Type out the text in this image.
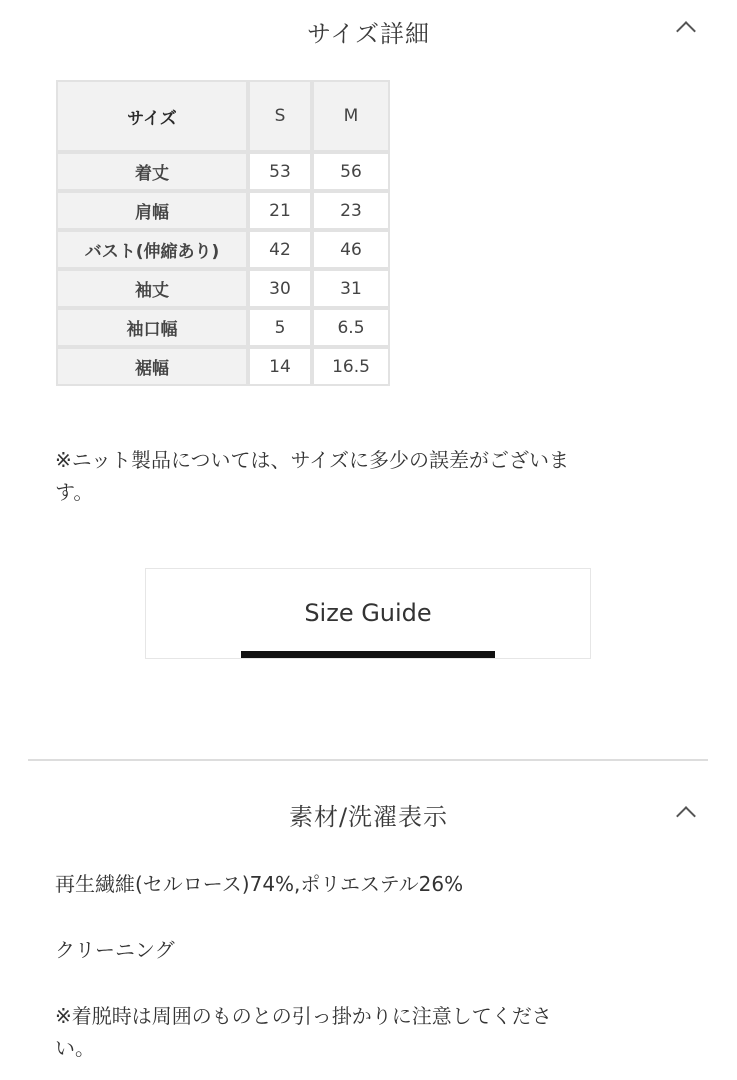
サイズ詳細
サイズ	S	M
着丈	53	56
肩幅	21	23
バスト(伸縮あり)	42	46
袖丈	30	31
袖口幅	5	6.5
裾幅	14	16.5
※ニット製品については、サイズに多少の誤差がございま
す。
Size Guide
素材/洗濯表示
再生繊維(セルロース)74%,ポリエステル26%
クリーニング
※着脱時は周囲のものとの引っ掛かりに注意してくださ
い。
